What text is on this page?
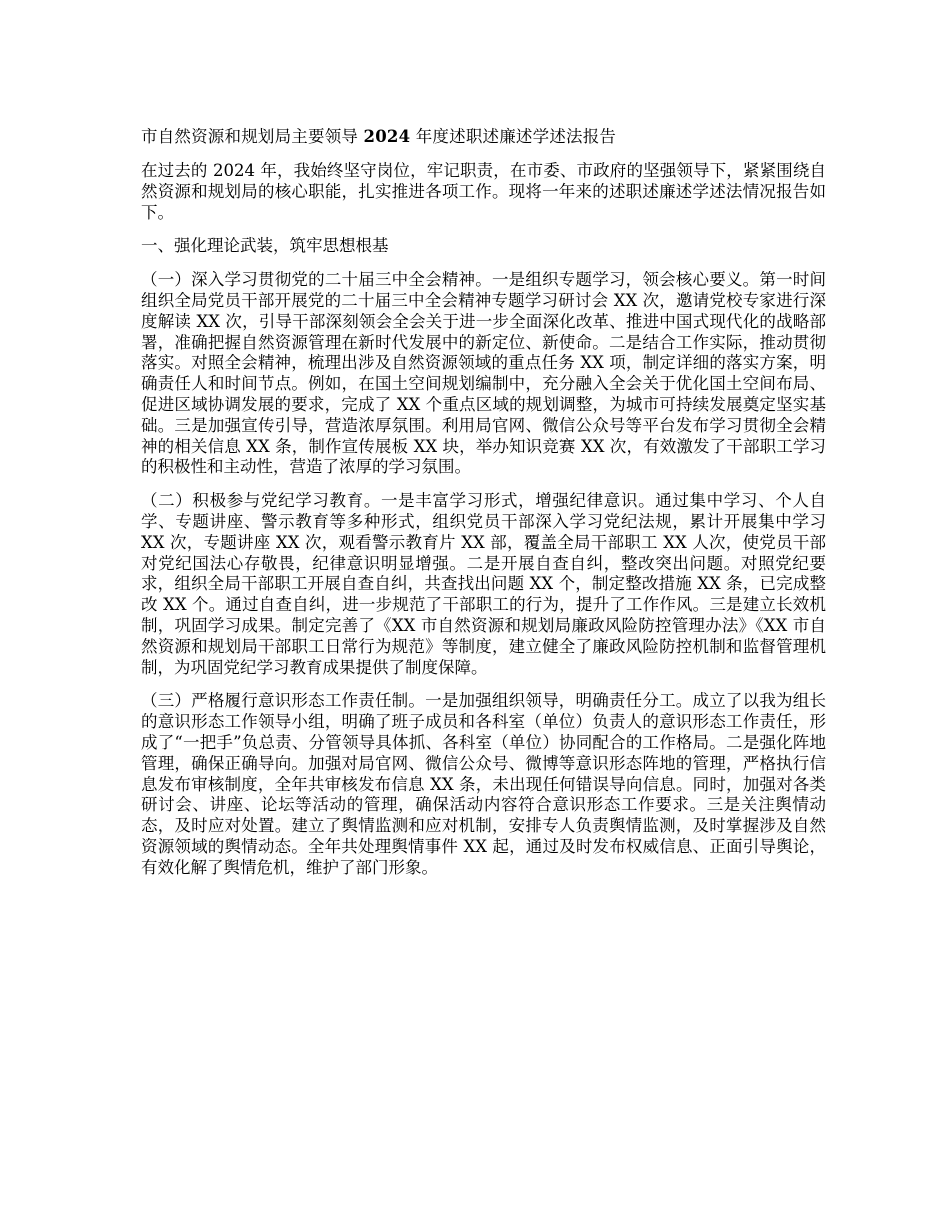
市自然资源和规划局主要领导 2024 年度述职述廉述学述法报告

在过去的 2024 年，我始终坚守岗位，牢记职责，在市委、市政府的坚强领导下，紧紧围绕自然资源和规划局的核心职能，扎实推进各项工作。现将一年来的述职述廉述学述法情况报告如下。

一、强化理论武装，筑牢思想根基

（一）深入学习贯彻党的二十届三中全会精神。一是组织专题学习，领会核心要义。第一时间组织全局党员干部开展党的二十届三中全会精神专题学习研讨会 XX 次，邀请党校专家进行深度解读 XX 次，引导干部深刻领会全会关于进一步全面深化改革、推进中国式现代化的战略部署，准确把握自然资源管理在新时代发展中的新定位、新使命。二是结合工作实际，推动贯彻落实。对照全会精神，梳理出涉及自然资源领域的重点任务 XX 项，制定详细的落实方案，明确责任人和时间节点。例如，在国土空间规划编制中，充分融入全会关于优化国土空间布局、促进区域协调发展的要求，完成了 XX 个重点区域的规划调整，为城市可持续发展奠定坚实基础。三是加强宣传引导，营造浓厚氛围。利用局官网、微信公众号等平台发布学习贯彻全会精神的相关信息 XX 条，制作宣传展板 XX 块，举办知识竞赛 XX 次，有效激发了干部职工学习的积极性和主动性，营造了浓厚的学习氛围。

（二）积极参与党纪学习教育。一是丰富学习形式，增强纪律意识。通过集中学习、个人自学、专题讲座、警示教育等多种形式，组织党员干部深入学习党纪法规，累计开展集中学习 XX 次，专题讲座 XX 次，观看警示教育片 XX 部，覆盖全局干部职工 XX 人次，使党员干部对党纪国法心存敬畏，纪律意识明显增强。二是开展自查自纠，整改突出问题。对照党纪要求，组织全局干部职工开展自查自纠，共查找出问题 XX 个，制定整改措施 XX 条，已完成整改 XX 个。通过自查自纠，进一步规范了干部职工的行为，提升了工作作风。三是建立长效机制，巩固学习成果。制定完善了《XX 市自然资源和规划局廉政风险防控管理办法》《XX 市自然资源和规划局干部职工日常行为规范》等制度，建立健全了廉政风险防控机制和监督管理机制，为巩固党纪学习教育成果提供了制度保障。

（三）严格履行意识形态工作责任制。一是加强组织领导，明确责任分工。成立了以我为组长的意识形态工作领导小组，明确了班子成员和各科室（单位）负责人的意识形态工作责任，形成了“一把手”负总责、分管领导具体抓、各科室（单位）协同配合的工作格局。二是强化阵地管理，确保正确导向。加强对局官网、微信公众号、微博等意识形态阵地的管理，严格执行信息发布审核制度，全年共审核发布信息 XX 条，未出现任何错误导向信息。同时，加强对各类研讨会、讲座、论坛等活动的管理，确保活动内容符合意识形态工作要求。三是关注舆情动态，及时应对处置。建立了舆情监测和应对机制，安排专人负责舆情监测，及时掌握涉及自然资源领域的舆情动态。全年共处理舆情事件 XX 起，通过及时发布权威信息、正面引导舆论，有效化解了舆情危机，维护了部门形象。
